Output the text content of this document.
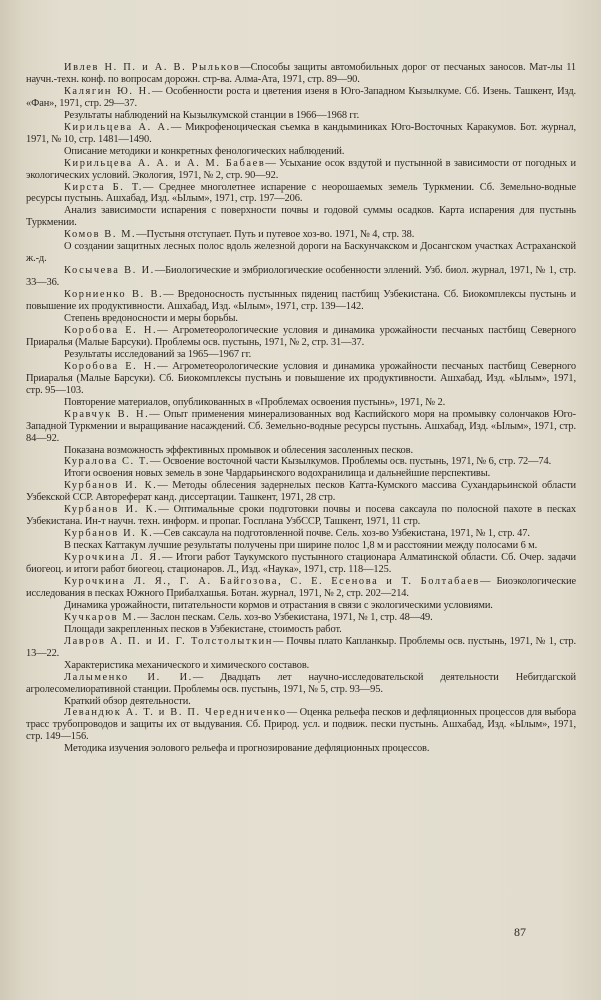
Ивлев Н. П. и А. В. Рыльков—Способы защиты автомобильных дорог от песчаных заносов. Мат-лы 11 научн.-техн. конф. по вопросам дорожн. стр-ва. Алма-Ата, 1971, стр. 89—90.

Калягин Ю. Н.— Особенности роста и цветения изеня в Юго-Западном Кызылкуме. Сб. Изень. Ташкент, Изд. «Фан», 1971, стр. 29—37.

Результаты наблюдений на Кызылкумской станции в 1966—1968 гг.

Кирильцева А. А.— Микрофеноцическая съемка в кандыминиках Юго-Восточных Каракумов. Бот. журнал, 1971, № 10, стр. 1481—1490.

Описание методики и конкретных фенологических наблюдений.

Кирильцева А. А. и А. М. Бабаев— Усыхание осок вздутой и пустынной в зависимости от погодных и экологических условий. Экология, 1971, № 2, стр. 90—92.

Кирста Б. Т.— Среднее многолетнее испарение с неорошаемых земель Туркмении. Сб. Земельно-водные ресурсы пустынь. Ашхабад, Изд. «Ылым», 1971, стр. 197—206.

Анализ зависимости испарения с поверхности почвы и годовой суммы осадков. Карта испарения для пустынь Туркмении.

Комов В. М.—Пустыня отступает. Путь и путевое хоз-во. 1971, № 4, стр. 38.

О создании защитных лесных полос вдоль железной дороги на Баскунчакском и Досангском участках Астраханской ж.-д.

Косычева В. И.—Биологические и эмбриологические особенности эллений. Узб. биол. журнал, 1971, № 1, стр. 33—36.

Корниенко В. В.— Вредоносность пустынных пядениц пастбищ Узбекистана. Сб. Биокомплексы пустынь и повышение их продуктивности. Ашхабад, Изд. «Ылым», 1971, стр. 139—142.

Степень вредоносности и меры борьбы.

Коробова Е. Н.— Агрометеорологические условия и динамика урожайности песчаных пастбищ Северного Приаралья (Малые Барсуки). Проблемы осв. пустынь, 1971, № 2, стр. 31—37.

Результаты исследований за 1965—1967 гг.

Коробова Е. Н.— Агрометеорологические условия и динамика урожайности песчаных пастбищ Северного Приаралья (Малые Барсуки). Сб. Биокомплексы пустынь и повышение их продуктивности. Ашхабад, Изд. «Ылым», 1971, стр. 95—103.

Повторение материалов, опубликованных в «Проблемах освоения пустынь», 1971, № 2.

Кравчук В. Н.— Опыт применения минерализованных вод Каспийского моря на промывку солончаков Юго-Западной Туркмении и выращивание насаждений. Сб. Земельно-водные ресурсы пустынь. Ашхабад, Изд. «Ылым», 1971, стр. 84—92.

Показана возможность эффективных промывок и облесения засоленных песков.

Куралова С. Т.— Освоение восточной части Кызылкумов. Проблемы осв. пустынь, 1971, № 6, стр. 72—74.

Итоги освоения новых земель в зоне Чардарьинского водохранилища и дальнейшие перспективы.

Курбанов И. К.— Методы облесения задернелых песков Катта-Кумского массива Сухандарьинской области Узбекской ССР. Автореферат канд. диссертации. Ташкент, 1971, 28 стр.

Курбанов И. К.— Оптимальные сроки подготовки почвы и посева саксаула по полосной пахоте в песках Узбекистана. Ин-т научн. техн. информ. и пропаг. Госплана УзбССР, Ташкент, 1971, 11 стр.

Курбанов И. К.—Сев саксаула на подготовленной почве. Сель. хоз-во Узбекистана, 1971, № 1, стр. 47.

В песках Каттакум лучшие результаты получены при ширине полос 1,8 м и расстоянии между полосами 6 м.

Курочкина Л. Я.— Итоги работ Таукумского пустынного стационара Алматинской области. Сб. Очер. задачи биогеоц. и итоги работ биогеоц. стационаров. Л., Изд. «Наука», 1971, стр. 118—125.

Курочкина Л. Я., Г. А. Байгозова, С. Е. Есенова и Т. Болтабаев— Биоэкологические исследования в песках Южного Прибалхашья. Ботан. журнал, 1971, № 2, стр. 202—214.

Динамика урожайности, питательности кормов и отрастания в связи с экологическими условиями.

Кучкаров М.— Заслон пескам. Сель. хоз-во Узбекистана, 1971, № 1, стр. 48—49.

Площади закрепленных песков в Узбекистане, стоимость работ.

Лавров А. П. и И. Г. Толстолыткин— Почвы плато Капланкыр. Проблемы осв. пустынь, 1971, № 1, стр. 13—22.

Характеристика механического и химического составов.

Лалыменко И. И.— Двадцать лет научно-исследовательской деятельности Небитдагской агролесомелиоративной станции. Проблемы осв. пустынь, 1971, № 5, стр. 93—95.

Краткий обзор деятельности.

Левандюк А. Т. и В. П. Чередниченко— Оценка рельефа песков и дефляционных процессов для выбора трасс трубопроводов и защиты их от выдувания. Сб. Природ. усл. и подвиж. пески пустынь. Ашхабад, Изд. «Ылым», 1971, стр. 149—156.

Методика изучения эолового рельефа и прогнозирование дефляционных процессов.

87
